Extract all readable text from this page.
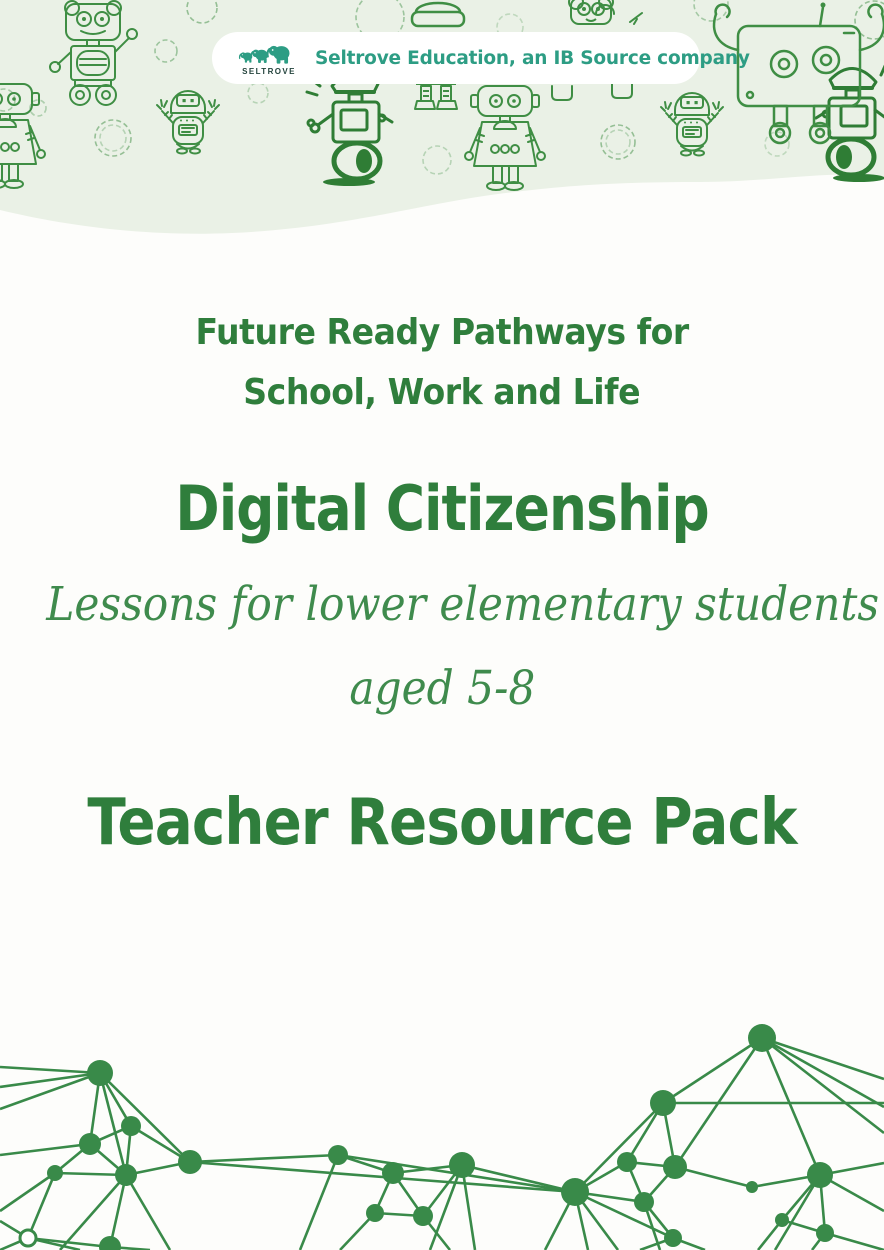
SELTROVE
Seltrove Education, an IB Source company
Future Ready Pathways for
School, Work and Life
Digital Citizenship
Lessons for lower elementary students
aged 5-8
Teacher Resource Pack
